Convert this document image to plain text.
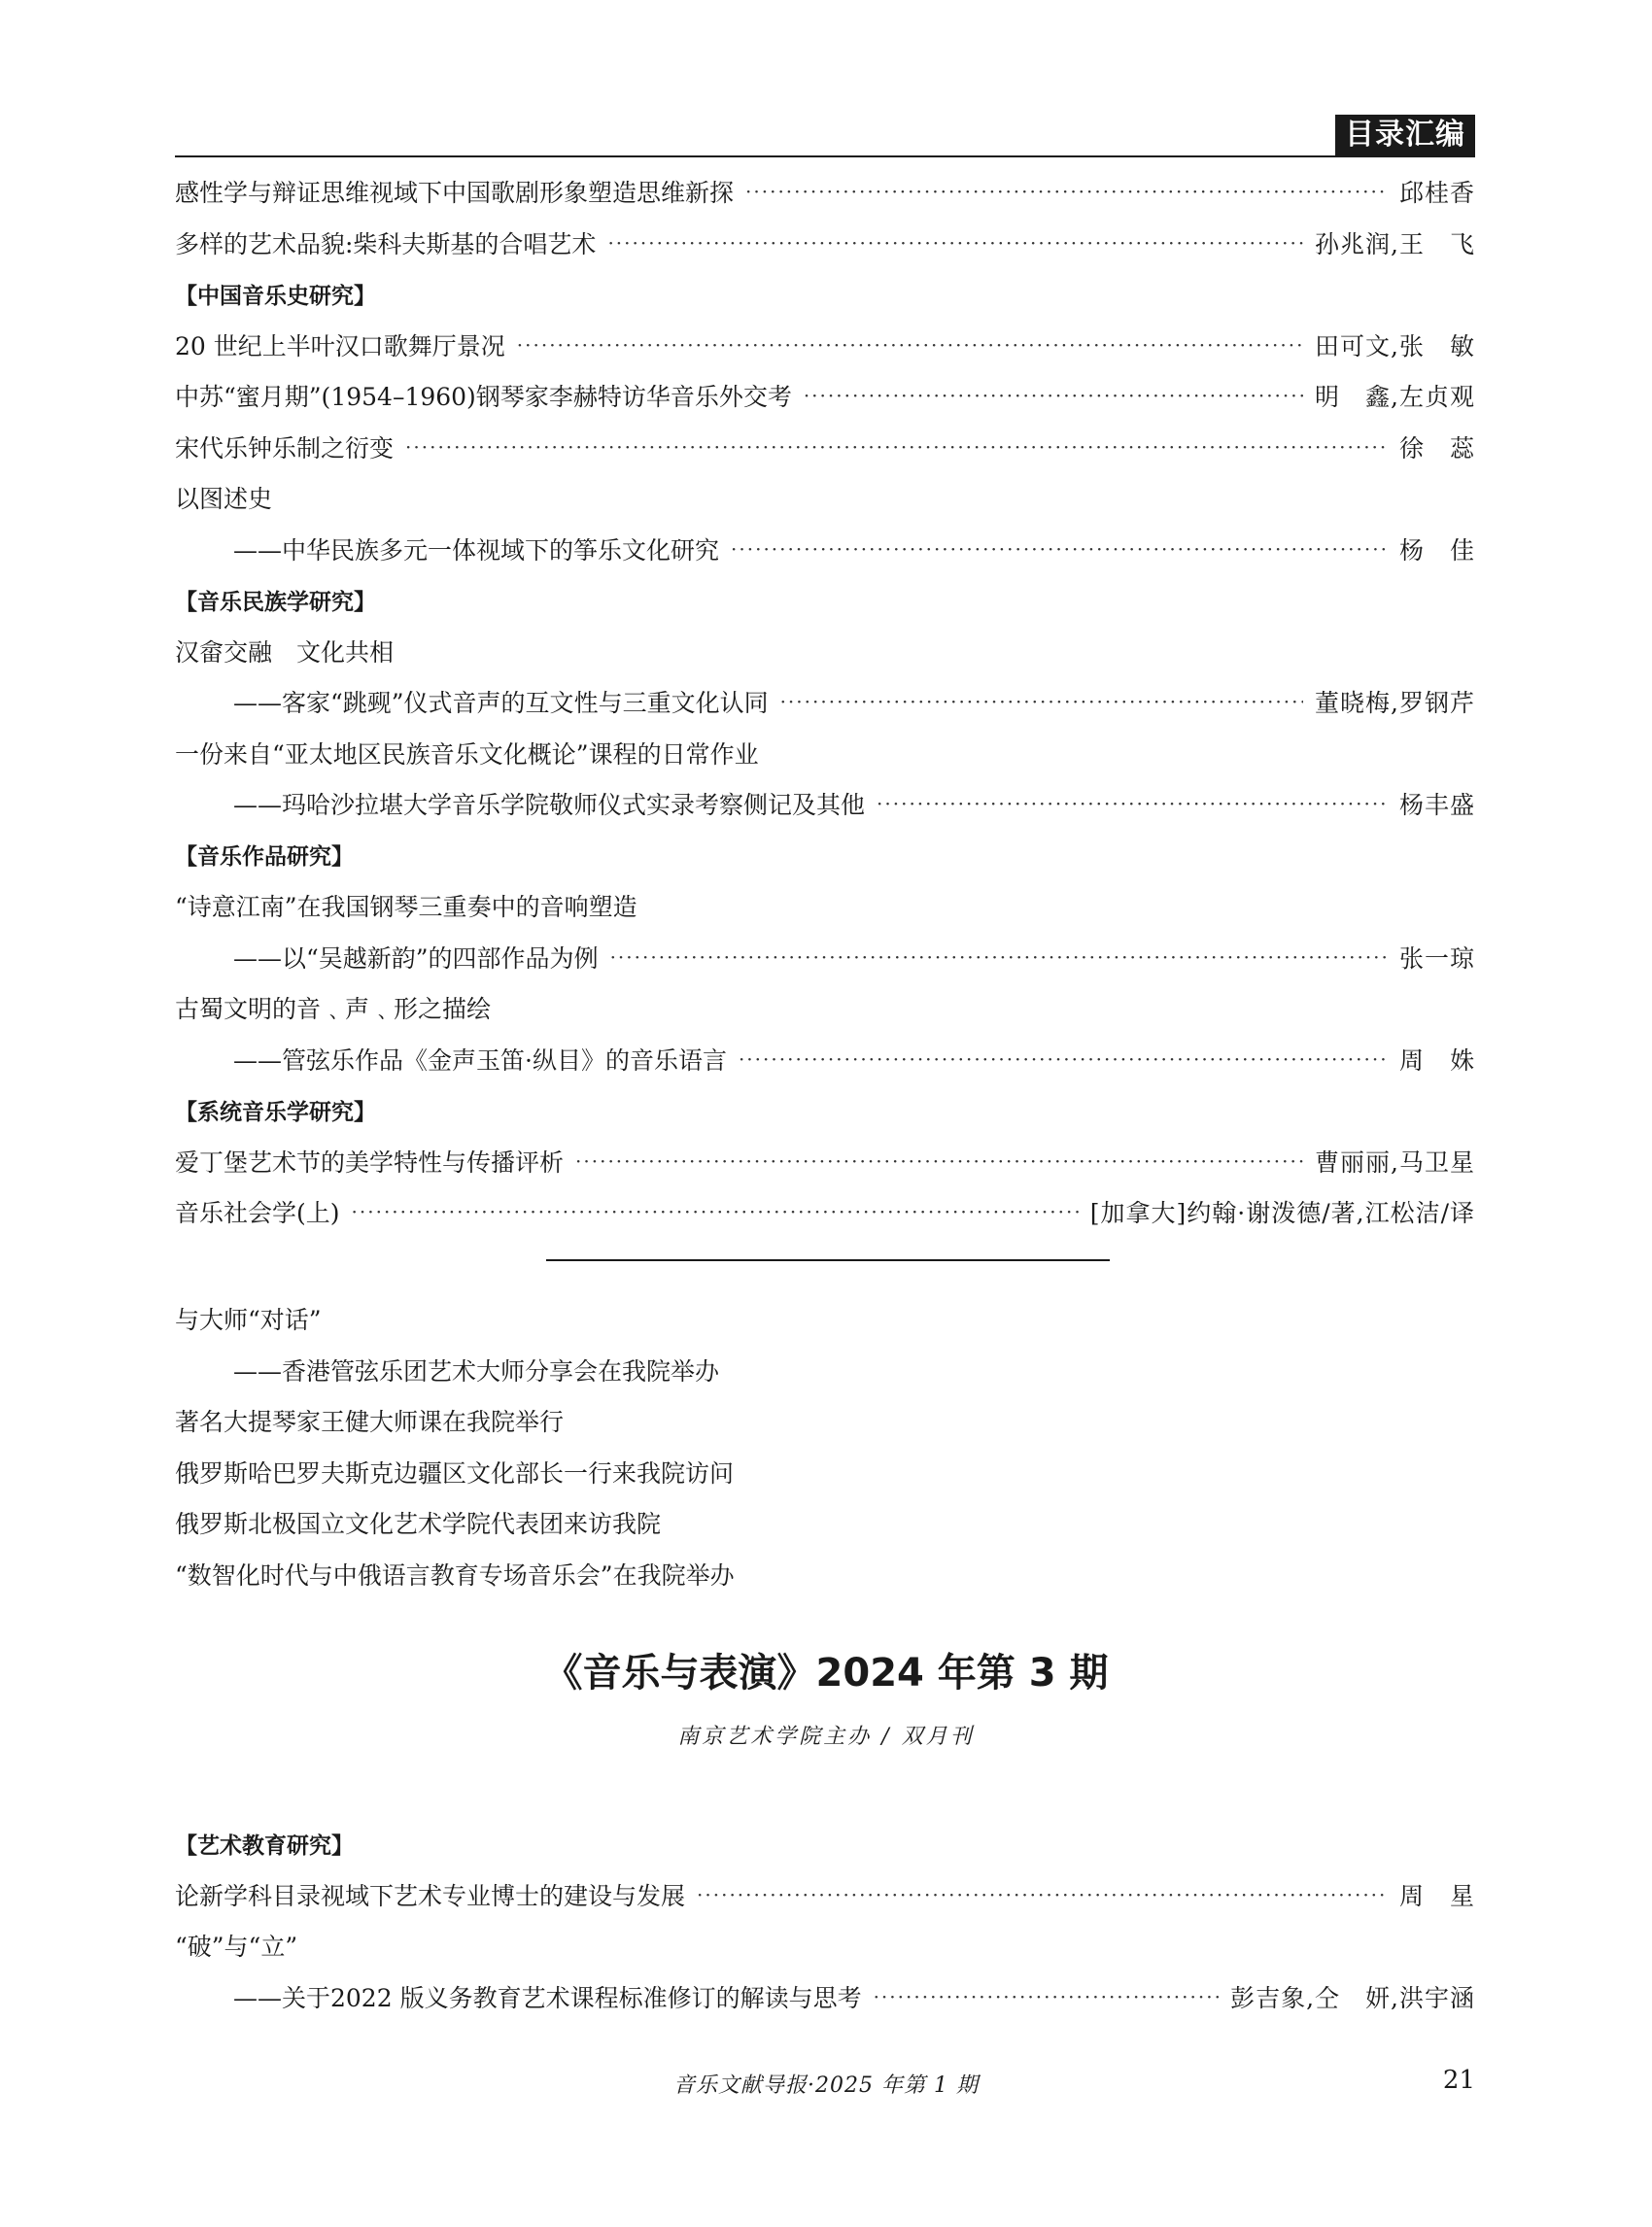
目录汇编
感性学与辩证思维视域下中国歌剧形象塑造思维新探 ·····	邱桂香
多样的艺术品貌:柴科夫斯基的合唱艺术 ·····	孙兆润,王　飞
【中国音乐史研究】
20 世纪上半叶汉口歌舞厅景况 ·····	田可文,张　敏
中苏“蜜月期”(1954–1960)钢琴家李赫特访华音乐外交考 ·····	明　鑫,左贞观
宋代乐钟乐制之衍变 ·····	徐　蕊
以图述史
——中华民族多元一体视域下的筝乐文化研究 ·····	杨　佳
【音乐民族学研究】
汉畲交融　文化共相
——客家“跳觋”仪式音声的互文性与三重文化认同 ·····	董晓梅,罗钢芹
一份来自“亚太地区民族音乐文化概论”课程的日常作业
——玛哈沙拉堪大学音乐学院敬师仪式实录考察侧记及其他 ·····	杨丰盛
【音乐作品研究】
“诗意江南”在我国钢琴三重奏中的音响塑造
——以“吴越新韵”的四部作品为例 ·····	张一琼
古蜀文明的音﹑声﹑形之描绘
——管弦乐作品《金声玉笛·纵目》的音乐语言 ·····	周　姝
【系统音乐学研究】
爱丁堡艺术节的美学特性与传播评析 ·····	曹丽丽,马卫星
音乐社会学(上) ·····	[加拿大]约翰·谢泼德/著,江松洁/译
与大师“对话”
——香港管弦乐团艺术大师分享会在我院举办
著名大提琴家王健大师课在我院举行
俄罗斯哈巴罗夫斯克边疆区文化部长一行来我院访问
俄罗斯北极国立文化艺术学院代表团来访我院
“数智化时代与中俄语言教育专场音乐会”在我院举办
《音乐与表演》2024 年第 3 期
南京艺术学院主办 / 双月刊
【艺术教育研究】
论新学科目录视域下艺术专业博士的建设与发展 ·····	周　星
“破”与“立”
——关于2022 版义务教育艺术课程标准修订的解读与思考 ·····	彭吉象,仝　妍,洪宇涵
音乐文献导报·2025 年第 1 期	21
